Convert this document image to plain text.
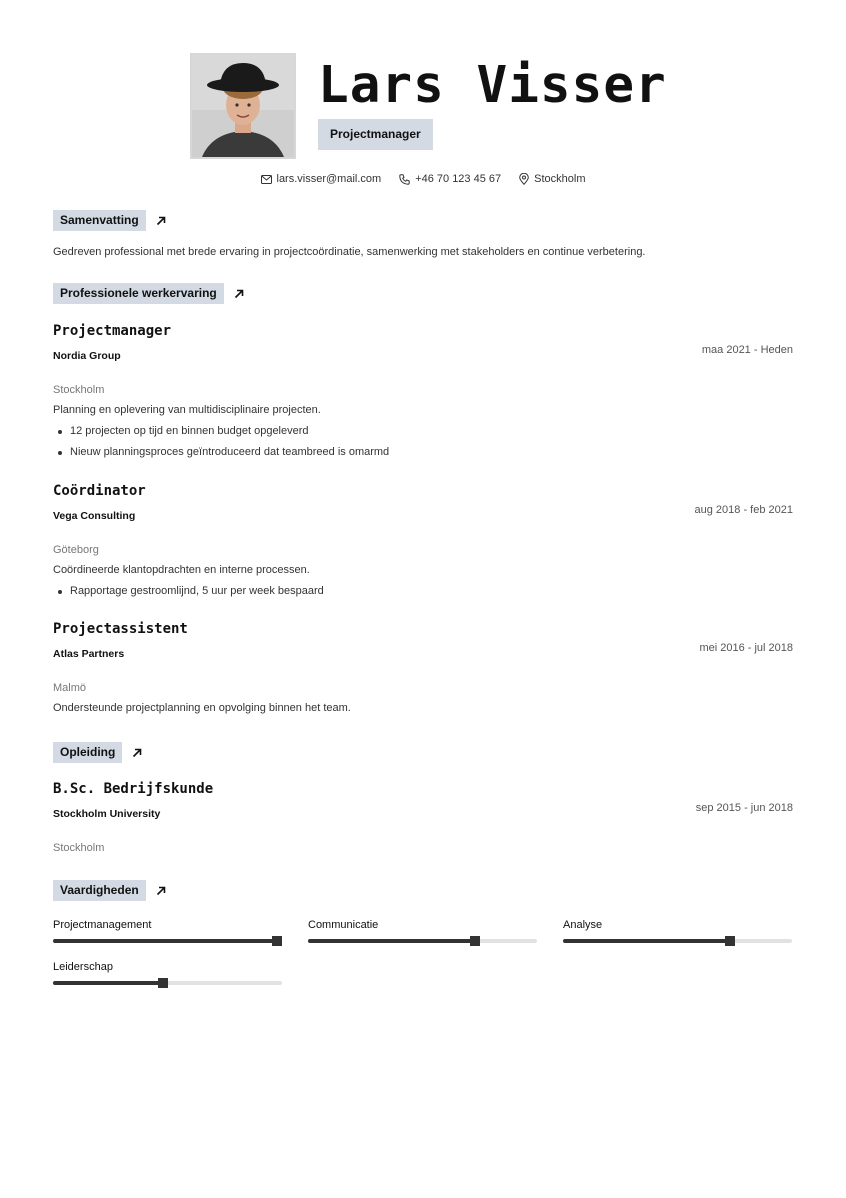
Lars Visser
Projectmanager
lars.visser@mail.com	+46 70 123 45 67	Stockholm
Samenvatting
Gedreven professional met brede ervaring in projectcoördinatie, samenwerking met stakeholders en continue verbetering.
Professionele werkervaring
Projectmanager
maa 2021 - Heden
Nordia Group
Stockholm
Planning en oplevering van multidisciplinaire projecten.
12 projecten op tijd en binnen budget opgeleverd
Nieuw planningsproces geïntroduceerd dat teambreed is omarmd
Coördinator
aug 2018 - feb 2021
Vega Consulting
Göteborg
Coördineerde klantopdrachten en interne processen.
Rapportage gestroomlijnd, 5 uur per week bespaard
Projectassistent
mei 2016 - jul 2018
Atlas Partners
Malmö
Ondersteunde projectplanning en opvolging binnen het team.
Opleiding
B.Sc. Bedrijfskunde
sep 2015 - jun 2018
Stockholm University
Stockholm
Vaardigheden
Projectmanagement	Communicatie	Analyse
Leiderschap
